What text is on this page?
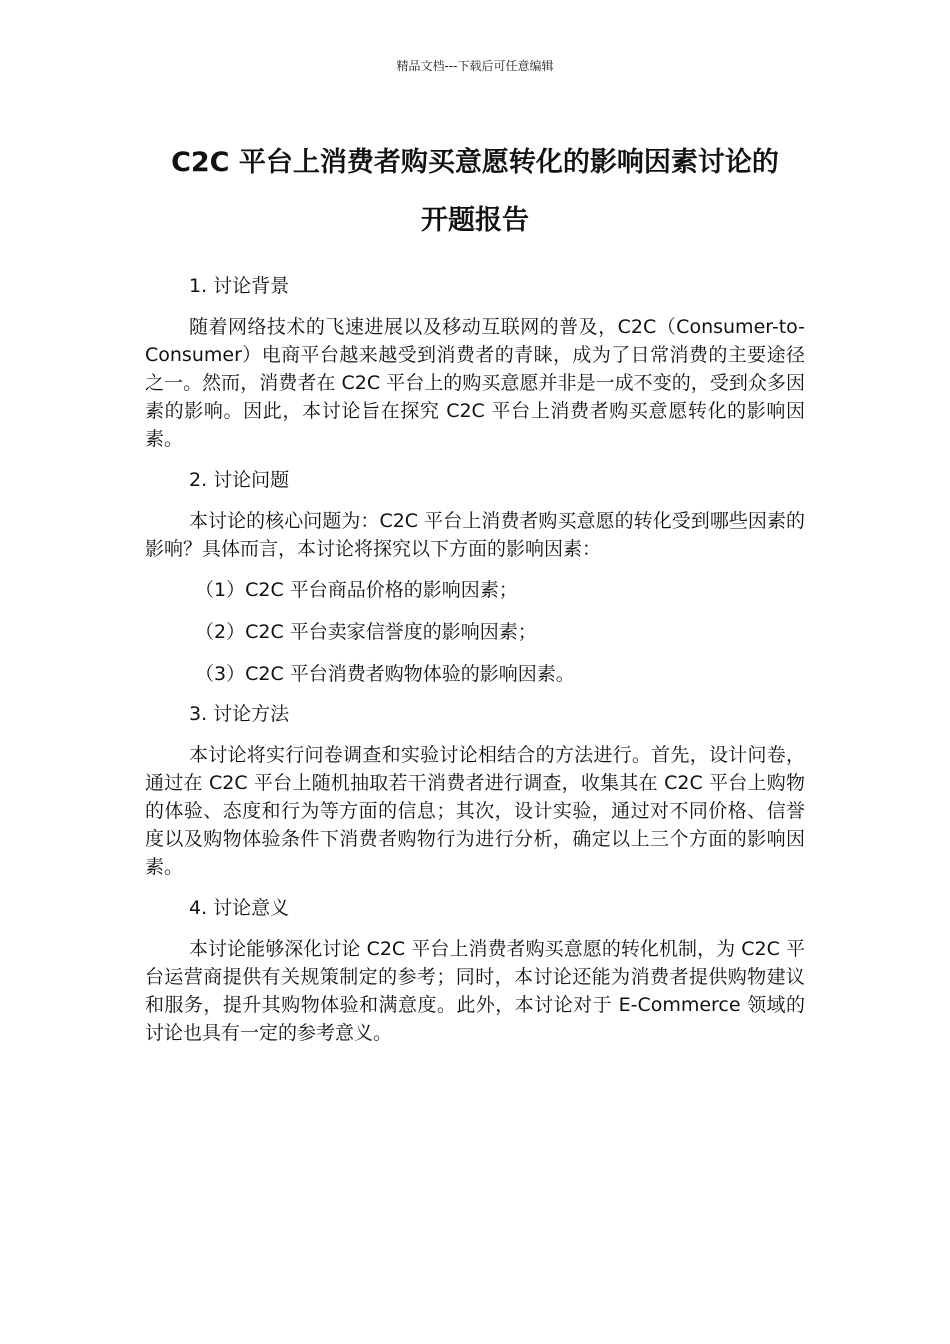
精品文档---下载后可任意编辑
C2C 平台上消费者购买意愿转化的影响因素讨论的
开题报告

1. 讨论背景

随着网络技术的飞速进展以及移动互联网的普及，C2C（Consumer-to-Consumer）电商平台越来越受到消费者的青睐，成为了日常消费的主要途径之一。然而，消费者在 C2C 平台上的购买意愿并非是一成不变的，受到众多因素的影响。因此，本讨论旨在探究 C2C 平台上消费者购买意愿转化的影响因素。

2. 讨论问题

本讨论的核心问题为：C2C 平台上消费者购买意愿的转化受到哪些因素的影响？具体而言，本讨论将探究以下方面的影响因素：

（1）C2C 平台商品价格的影响因素；

（2）C2C 平台卖家信誉度的影响因素；

（3）C2C 平台消费者购物体验的影响因素。

3. 讨论方法

本讨论将实行问卷调查和实验讨论相结合的方法进行。首先，设计问卷，通过在 C2C 平台上随机抽取若干消费者进行调查，收集其在 C2C 平台上购物的体验、态度和行为等方面的信息；其次，设计实验，通过对不同价格、信誉度以及购物体验条件下消费者购物行为进行分析，确定以上三个方面的影响因素。

4. 讨论意义

本讨论能够深化讨论 C2C 平台上消费者购买意愿的转化机制，为 C2C 平台运营商提供有关规策制定的参考；同时，本讨论还能为消费者提供购物建议和服务，提升其购物体验和满意度。此外，本讨论对于 E-Commerce 领域的讨论也具有一定的参考意义。
